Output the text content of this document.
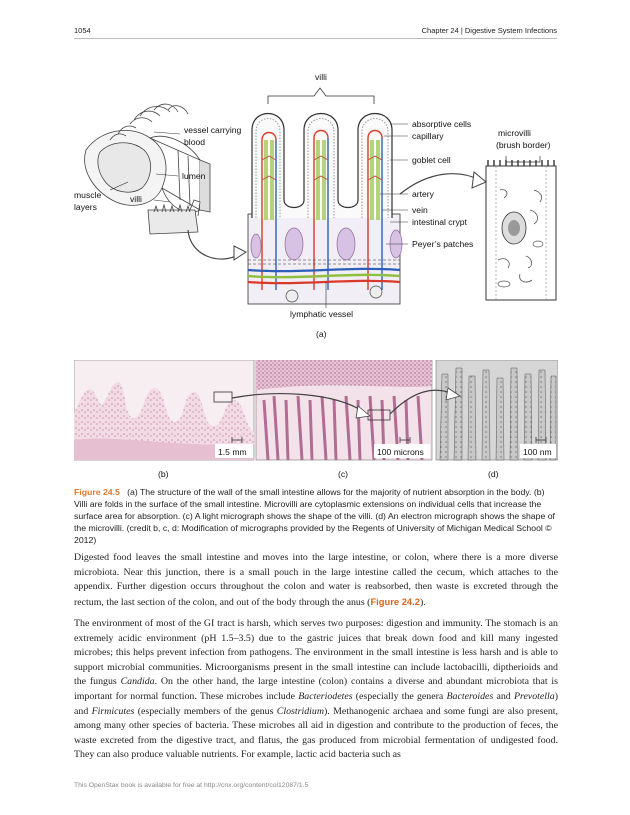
1054	Chapter 24 | Digestive System Infections
villi
absorptive cells
capillary
goblet cell
artery
vein
intestinal crypt
Peyer’s patches
lymphatic vessel
(a)
vessel carrying
blood
lumen
muscle
layers
villi
microvilli
(brush border)
1.5 mm
(b)
100 microns
(c)
100 nm
(d)
Figure 24.5 (a) The structure of the wall of the small intestine allows for the majority of nutrient absorption in the body. (b) Villi are folds in the surface of the small intestine. Microvilli are cytoplasmic extensions on individual cells that increase the surface area for absorption. (c) A light micrograph shows the shape of the villi. (d) An electron micrograph shows the shape of the microvilli. (credit b, c, d: Modification of micrographs provided by the Regents of University of Michigan Medical School © 2012)

Digested food leaves the small intestine and moves into the large intestine, or colon, where there is a more diverse microbiota. Near this junction, there is a small pouch in the large intestine called the cecum, which attaches to the appendix. Further digestion occurs throughout the colon and water is reabsorbed, then waste is excreted through the rectum, the last section of the colon, and out of the body through the anus (Figure 24.2).

The environment of most of the GI tract is harsh, which serves two purposes: digestion and immunity. The stomach is an extremely acidic environment (pH 1.5–3.5) due to the gastric juices that break down food and kill many ingested microbes; this helps prevent infection from pathogens. The environment in the small intestine is less harsh and is able to support microbial communities. Microorganisms present in the small intestine can include lactobacilli, diptherioids and the fungus Candida. On the other hand, the large intestine (colon) contains a diverse and abundant microbiota that is important for normal function. These microbes include Bacteriodetes (especially the genera Bacteroides and Prevotella) and Firmicutes (especially members of the genus Clostridium). Methanogenic archaea and some fungi are also present, among many other species of bacteria. These microbes all aid in digestion and contribute to the production of feces, the waste excreted from the digestive tract, and flatus, the gas produced from microbial fermentation of undigested food. They can also produce valuable nutrients. For example, lactic acid bacteria such as

This OpenStax book is available for free at http://cnx.org/content/col12087/1.5
